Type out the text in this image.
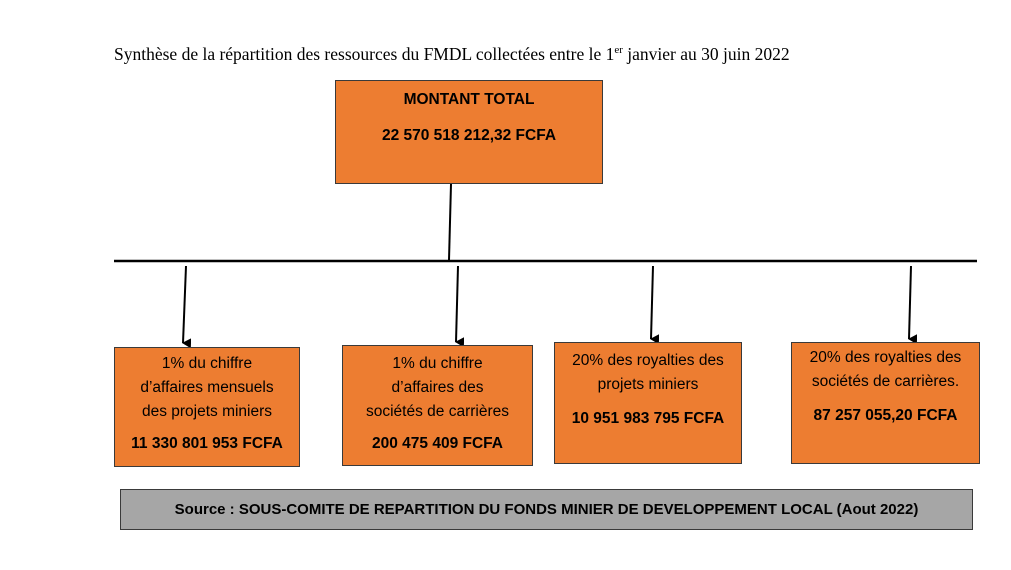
Synthèse de la répartition des ressources du FMDL collectées entre le 1er janvier au 30 juin 2022
MONTANT TOTAL
22 570 518 212,32 FCFA
1% du chiffre
d’affaires mensuels
des projets miniers
11 330 801 953 FCFA
1% du chiffre
d’affaires des
sociétés de carrières
200 475 409 FCFA
20% des royalties des
projets miniers
10 951 983 795 FCFA
20% des royalties des
sociétés de carrières.
87 257 055,20 FCFA
Source : SOUS-COMITE DE REPARTITION DU FONDS MINIER DE DEVELOPPEMENT LOCAL (Aout 2022)
